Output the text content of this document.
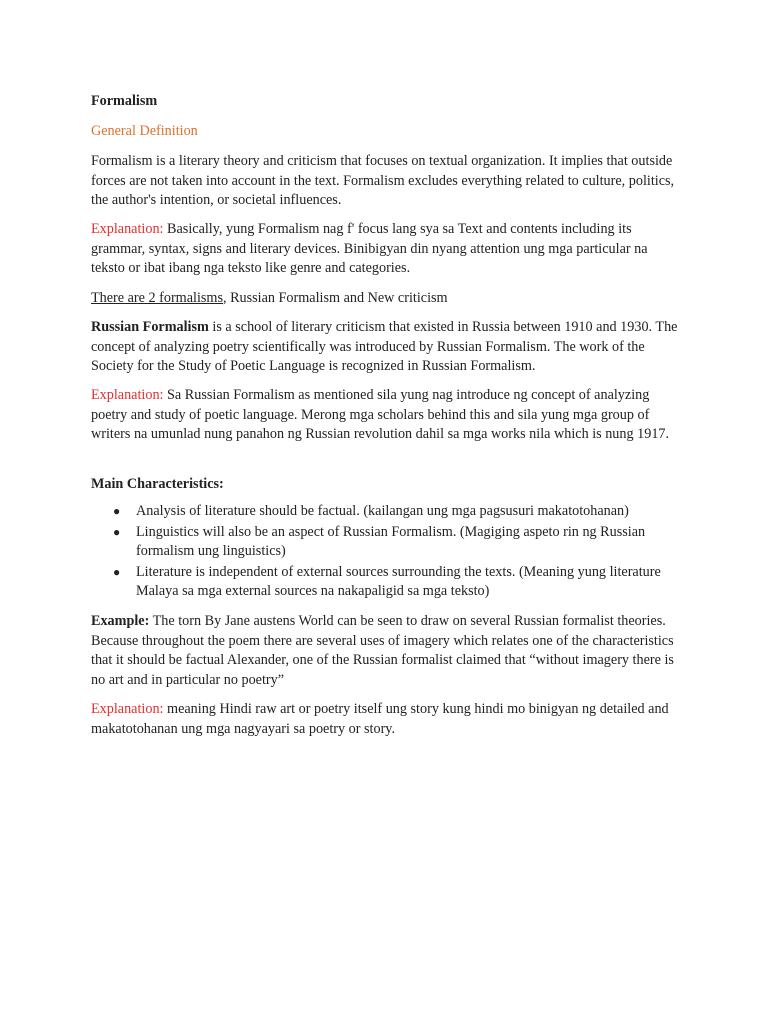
Formalism

General Definition

Formalism is a literary theory and criticism that focuses on textual organization. It implies that outside forces are not taken into account in the text. Formalism excludes everything related to culture, politics, the author's intention, or societal influences.

Explanation: Basically, yung Formalism nag f' focus lang sya sa Text and contents including its grammar, syntax, signs and literary devices. Binibigyan din nyang attention ung mga particular na teksto or ibat ibang nga teksto like genre and categories.

There are 2 formalisms, Russian Formalism and New criticism

Russian Formalism is a school of literary criticism that existed in Russia between 1910 and 1930. The concept of analyzing poetry scientifically was introduced by Russian Formalism. The work of the Society for the Study of Poetic Language is recognized in Russian Formalism.

Explanation: Sa Russian Formalism as mentioned sila yung nag introduce ng concept of analyzing poetry and study of poetic language. Merong mga scholars behind this and sila yung mga group of writers na umunlad nung panahon ng Russian revolution dahil sa mga works nila which is nung 1917.

Main Characteristics:

● Analysis of literature should be factual. (kailangan ung mga pagsusuri makatotohanan)
● Linguistics will also be an aspect of Russian Formalism. (Magiging aspeto rin ng Russian formalism ung linguistics)
● Literature is independent of external sources surrounding the texts. (Meaning yung literature Malaya sa mga external sources na nakapaligid sa mga teksto)

Example: The torn By Jane austens World can be seen to draw on several Russian formalist theories. Because throughout the poem there are several uses of imagery which relates one of the characteristics that it should be factual Alexander, one of the Russian formalist claimed that “without imagery there is no art and in particular no poetry”

Explanation: meaning Hindi raw art or poetry itself ung story kung hindi mo binigyan ng detailed and makatotohanan ung mga nagyayari sa poetry or story.
